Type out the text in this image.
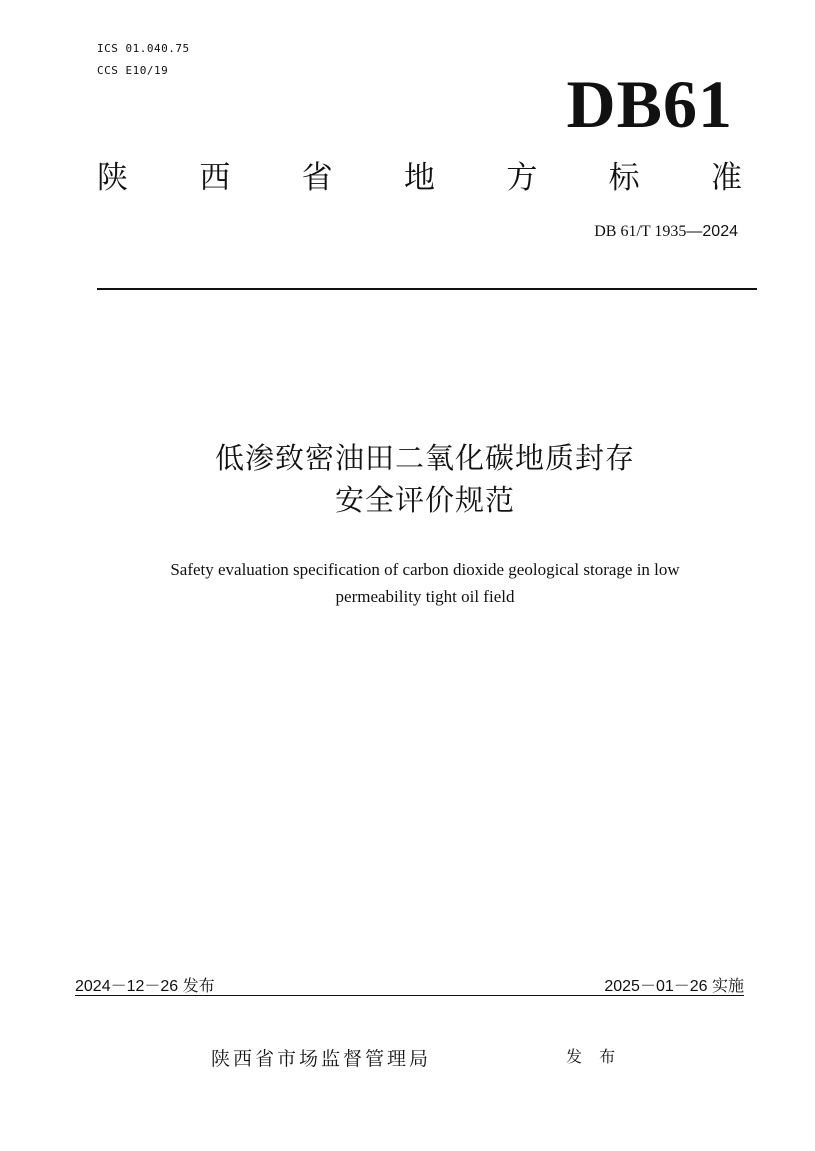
ICS 01.040.75
CCS E10/19	DB61
陕 西 省 地 方 标 准
DB 61/T 1935—2024
低渗致密油田二氧化碳地质封存
安全评价规范
Safety evaluation specification of carbon dioxide geological storage in low
permeability tight oil field
2024－12－26 发布	2025－01－26 实施
陕西省市场监督管理局	发 布
